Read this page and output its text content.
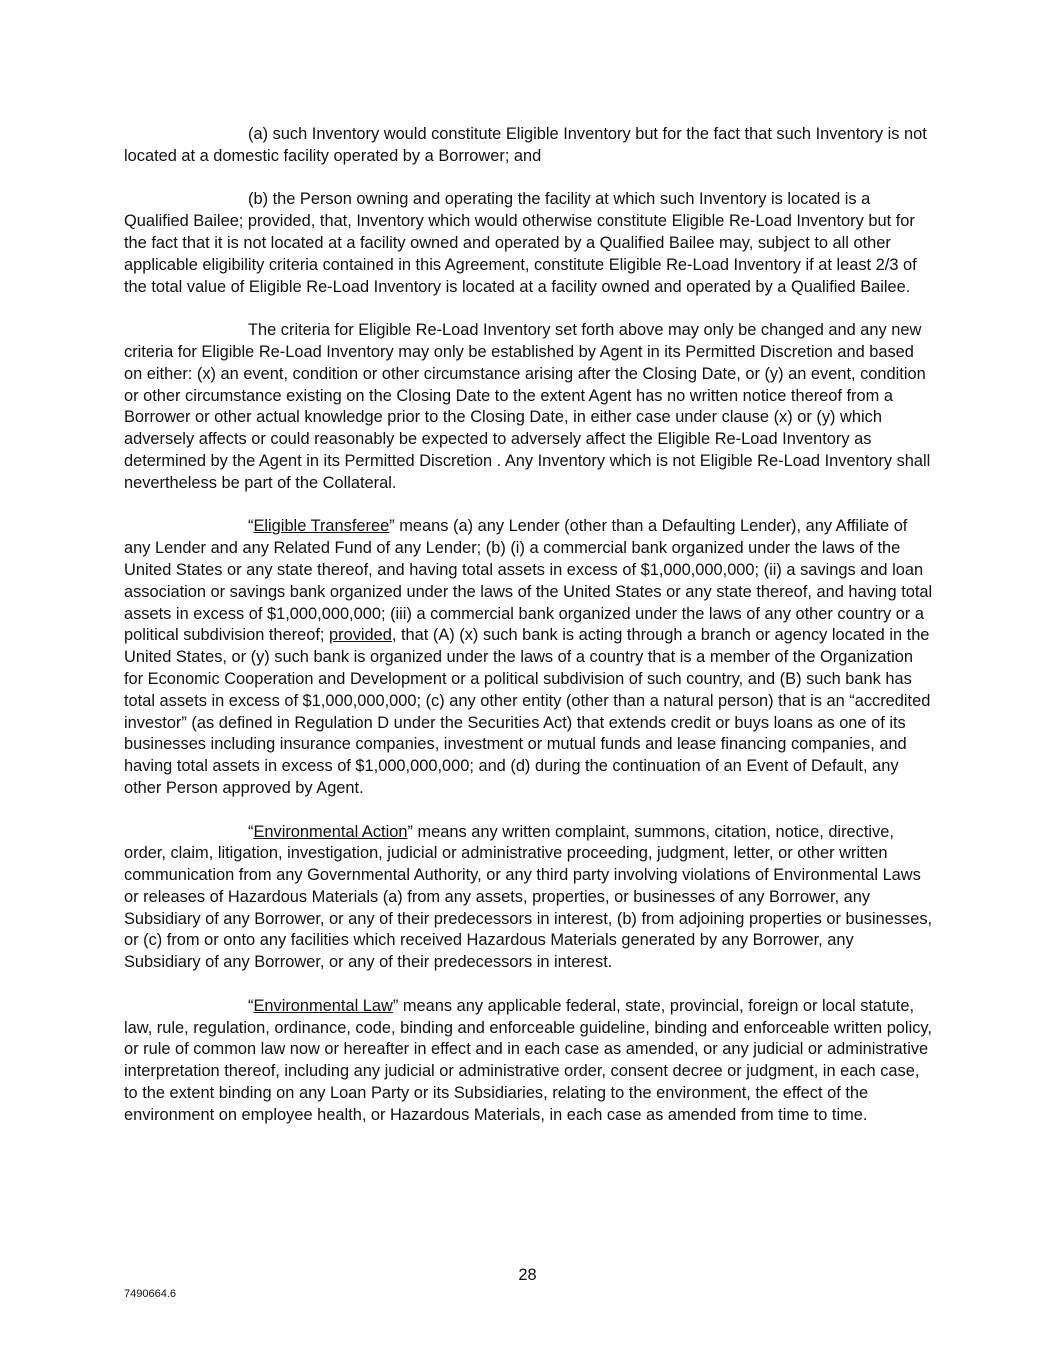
(a) such Inventory would constitute Eligible Inventory but for the fact that such Inventory is not located at a domestic facility operated by a Borrower; and

(b) the Person owning and operating the facility at which such Inventory is located is a Qualified Bailee; provided, that, Inventory which would otherwise constitute Eligible Re-Load Inventory but for the fact that it is not located at a facility owned and operated by a Qualified Bailee may, subject to all other applicable eligibility criteria contained in this Agreement, constitute Eligible Re-Load Inventory if at least 2/3 of the total value of Eligible Re-Load Inventory is located at a facility owned and operated by a Qualified Bailee.

The criteria for Eligible Re-Load Inventory set forth above may only be changed and any new criteria for Eligible Re-Load Inventory may only be established by Agent in its Permitted Discretion and based on either: (x) an event, condition or other circumstance arising after the Closing Date, or (y) an event, condition or other circumstance existing on the Closing Date to the extent Agent has no written notice thereof from a Borrower or other actual knowledge prior to the Closing Date, in either case under clause (x) or (y) which adversely affects or could reasonably be expected to adversely affect the Eligible Re-Load Inventory as determined by the Agent in its Permitted Discretion . Any Inventory which is not Eligible Re-Load Inventory shall nevertheless be part of the Collateral.

“Eligible Transferee” means (a) any Lender (other than a Defaulting Lender), any Affiliate of any Lender and any Related Fund of any Lender; (b) (i) a commercial bank organized under the laws of the United States or any state thereof, and having total assets in excess of $1,000,000,000; (ii) a savings and loan association or savings bank organized under the laws of the United States or any state thereof, and having total assets in excess of $1,000,000,000; (iii) a commercial bank organized under the laws of any other country or a political subdivision thereof; provided, that (A) (x) such bank is acting through a branch or agency located in the United States, or (y) such bank is organized under the laws of a country that is a member of the Organization for Economic Cooperation and Development or a political subdivision of such country, and (B) such bank has total assets in excess of $1,000,000,000; (c) any other entity (other than a natural person) that is an “accredited investor” (as defined in Regulation D under the Securities Act) that extends credit or buys loans as one of its businesses including insurance companies, investment or mutual funds and lease financing companies, and having total assets in excess of $1,000,000,000; and (d) during the continuation of an Event of Default, any other Person approved by Agent.

“Environmental Action” means any written complaint, summons, citation, notice, directive, order, claim, litigation, investigation, judicial or administrative proceeding, judgment, letter, or other written communication from any Governmental Authority, or any third party involving violations of Environmental Laws or releases of Hazardous Materials (a) from any assets, properties, or businesses of any Borrower, any Subsidiary of any Borrower, or any of their predecessors in interest, (b) from adjoining properties or businesses, or (c) from or onto any facilities which received Hazardous Materials generated by any Borrower, any Subsidiary of any Borrower, or any of their predecessors in interest.

“Environmental Law” means any applicable federal, state, provincial, foreign or local statute, law, rule, regulation, ordinance, code, binding and enforceable guideline, binding and enforceable written policy, or rule of common law now or hereafter in effect and in each case as amended, or any judicial or administrative interpretation thereof, including any judicial or administrative order, consent decree or judgment, in each case, to the extent binding on any Loan Party or its Subsidiaries, relating to the environment, the effect of the environment on employee health, or Hazardous Materials, in each case as amended from time to time.

28
7490664.6
